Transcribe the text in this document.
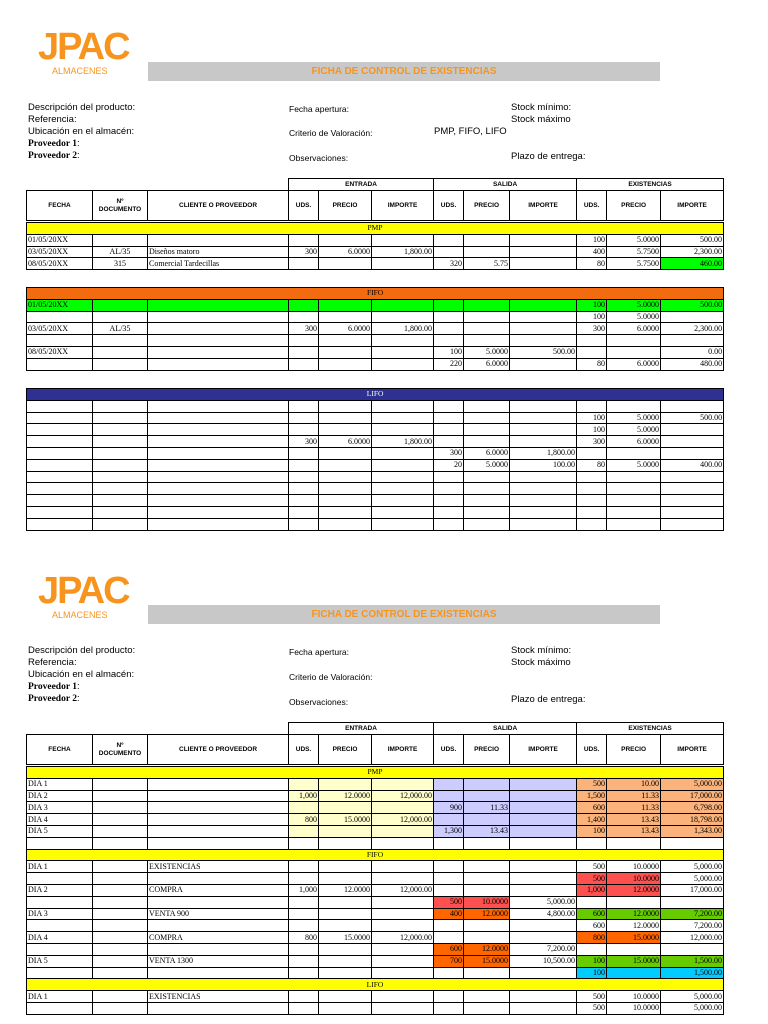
JPAC
ALMACENES	FICHA DE CONTROL DE EXISTENCIAS
Descripción del producto:
Referencia:
Ubicación en el almacén:
Proveedor 1:
Proveedor 2:
Fecha apertura:
Criterio de Valoración:	PMP, FIFO, LIFO
Observaciones:
Stock mínimo:
Stock máximo
Plazo de entrega:
			ENTRADA			SALIDA			EXISTENCIAS		
FECHA	Nº
DOCUMENTO	CLIENTE O PROVEEDOR	UDS.	PRECIO	IMPORTE	UDS.	PRECIO	IMPORTE	UDS.	PRECIO	IMPORTE
PMP											
01/05/20XX									100	5.0000	500.00
03/05/20XX	AL/35	Diseños matoro	300	6.0000	1,800.00				400	5.7500	2,300.00
08/05/20XX	315	Comercial Tardecillas				320	5.75		80	5.7500	460.00
FIFO											
01/05/20XX									100	5.0000	500.00
									100	5.0000	
03/05/20XX	AL/35		300	6.0000	1,800.00				300	6.0000	2,300.00

08/05/20XX						100	5.0000	500.00			0.00
						220	6.0000		80	6.0000	480.00
LIFO											

									100	5.0000	500.00
									100	5.0000	
			300	6.0000	1,800.00				300	6.0000	
						300	6.0000	1,800.00			
						20	5.0000	100.00	80	5.0000	400.00

JPAC
ALMACENES	FICHA DE CONTROL DE EXISTENCIAS
Descripción del producto:
Referencia:
Ubicación en el almacén:
Proveedor 1:
Proveedor 2:
Fecha apertura:
Criterio de Valoración:
Observaciones:
Stock mínimo:
Stock máximo
Plazo de entrega:
			ENTRADA			SALIDA			EXISTENCIAS		
FECHA	Nº
DOCUMENTO	CLIENTE O PROVEEDOR	UDS.	PRECIO	IMPORTE	UDS.	PRECIO	IMPORTE	UDS.	PRECIO	IMPORTE
PMP											
DIA 1									500	10.00	5,000.00
DIA 2			1,000	12.0000	12,000.00				1,500	11.33	17,000.00
DIA 3						900	11.33		600	11.33	6,798.00
DIA 4			800	15.0000	12,000.00				1,400	13.43	18,798.00
DIA 5						1,300	13.43		100	13.43	1,343.00

FIFO											
DIA 1		EXISTENCIAS							500	10.0000	5,000.00
									500	10.0000	5,000.00
DIA 2		COMPRA	1,000	12.0000	12,000.00				1,000	12.0000	17,000.00
						500	10.0000	5,000.00			
DIA 3		VENTA 900				400	12.0000	4,800.00	600	12.0000	7,200.00
									600	12.0000	7,200.00
DIA 4		COMPRA	800	15.0000	12,000.00				800	15.0000	12,000.00
						600	12.0000	7,200.00			
DIA 5		VENTA 1300				700	15.0000	10,500.00	100	15.0000	1,500.00
									100		1,500.00
LIFO											
DIA 1		EXISTENCIAS							500	10.0000	5,000.00
									500	10.0000	5,000.00
